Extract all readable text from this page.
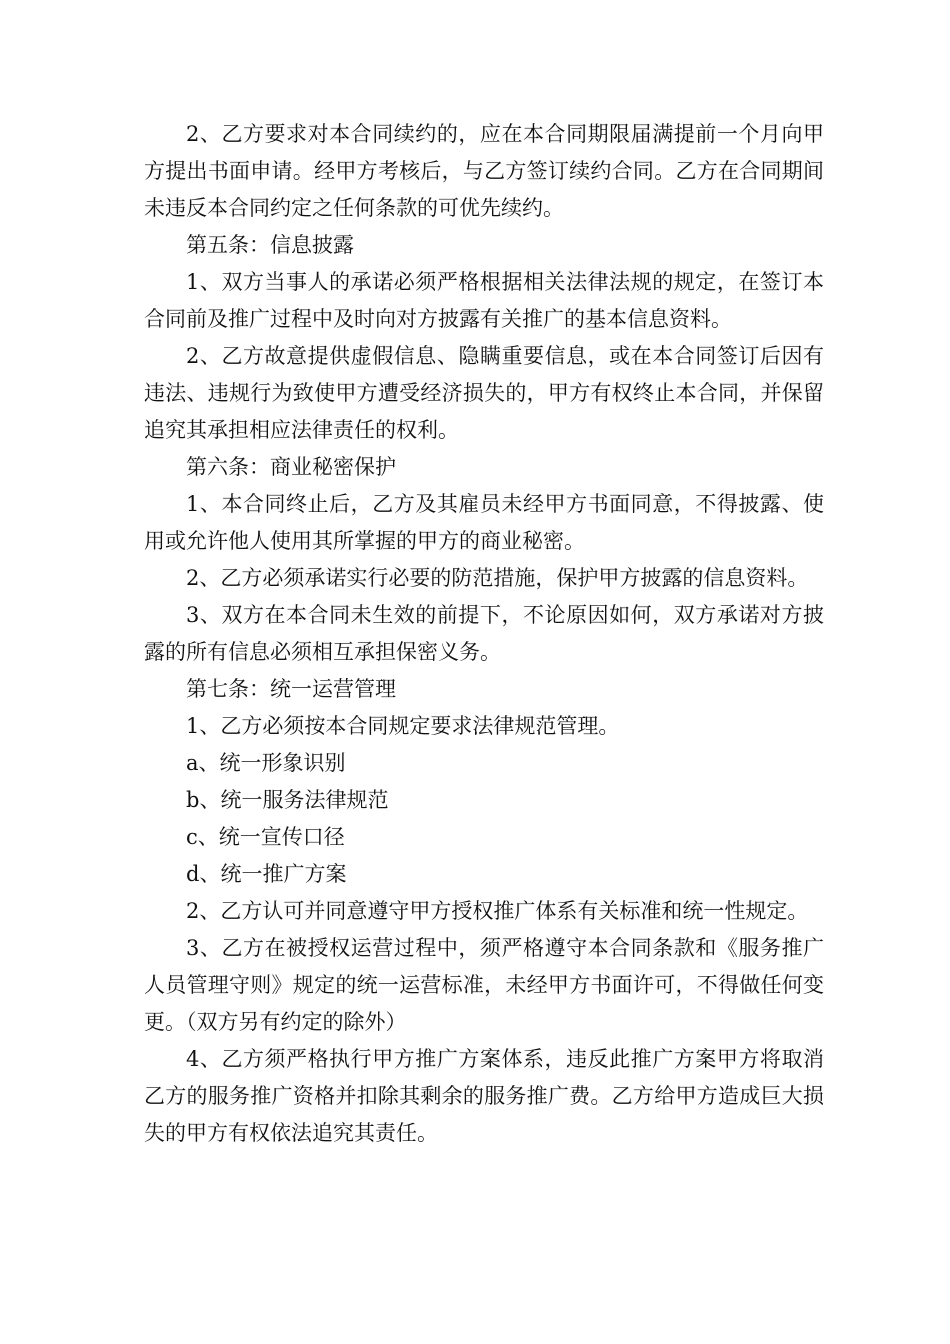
2、乙方要求对本合同续约的，应在本合同期限届满提前一个月向甲方提出书面申请。经甲方考核后，与乙方签订续约合同。乙方在合同期间未违反本合同约定之任何条款的可优先续约。

第五条：信息披露

1、双方当事人的承诺必须严格根据相关法律法规的规定，在签订本合同前及推广过程中及时向对方披露有关推广的基本信息资料。

2、乙方故意提供虚假信息、隐瞒重要信息，或在本合同签订后因有违法、违规行为致使甲方遭受经济损失的，甲方有权终止本合同，并保留追究其承担相应法律责任的权利。

第六条：商业秘密保护

1、本合同终止后，乙方及其雇员未经甲方书面同意，不得披露、使用或允许他人使用其所掌握的甲方的商业秘密。

2、乙方必须承诺实行必要的防范措施，保护甲方披露的信息资料。

3、双方在本合同未生效的前提下，不论原因如何，双方承诺对方披露的所有信息必须相互承担保密义务。

第七条：统一运营管理

1、乙方必须按本合同规定要求法律规范管理。

a、统一形象识别

b、统一服务法律规范

c、统一宣传口径

d、统一推广方案

2、乙方认可并同意遵守甲方授权推广体系有关标准和统一性规定。

3、乙方在被授权运营过程中，须严格遵守本合同条款和《服务推广人员管理守则》规定的统一运营标准，未经甲方书面许可，不得做任何变更。（双方另有约定的除外）

4、乙方须严格执行甲方推广方案体系，违反此推广方案甲方将取消乙方的服务推广资格并扣除其剩余的服务推广费。乙方给甲方造成巨大损失的甲方有权依法追究其责任。
